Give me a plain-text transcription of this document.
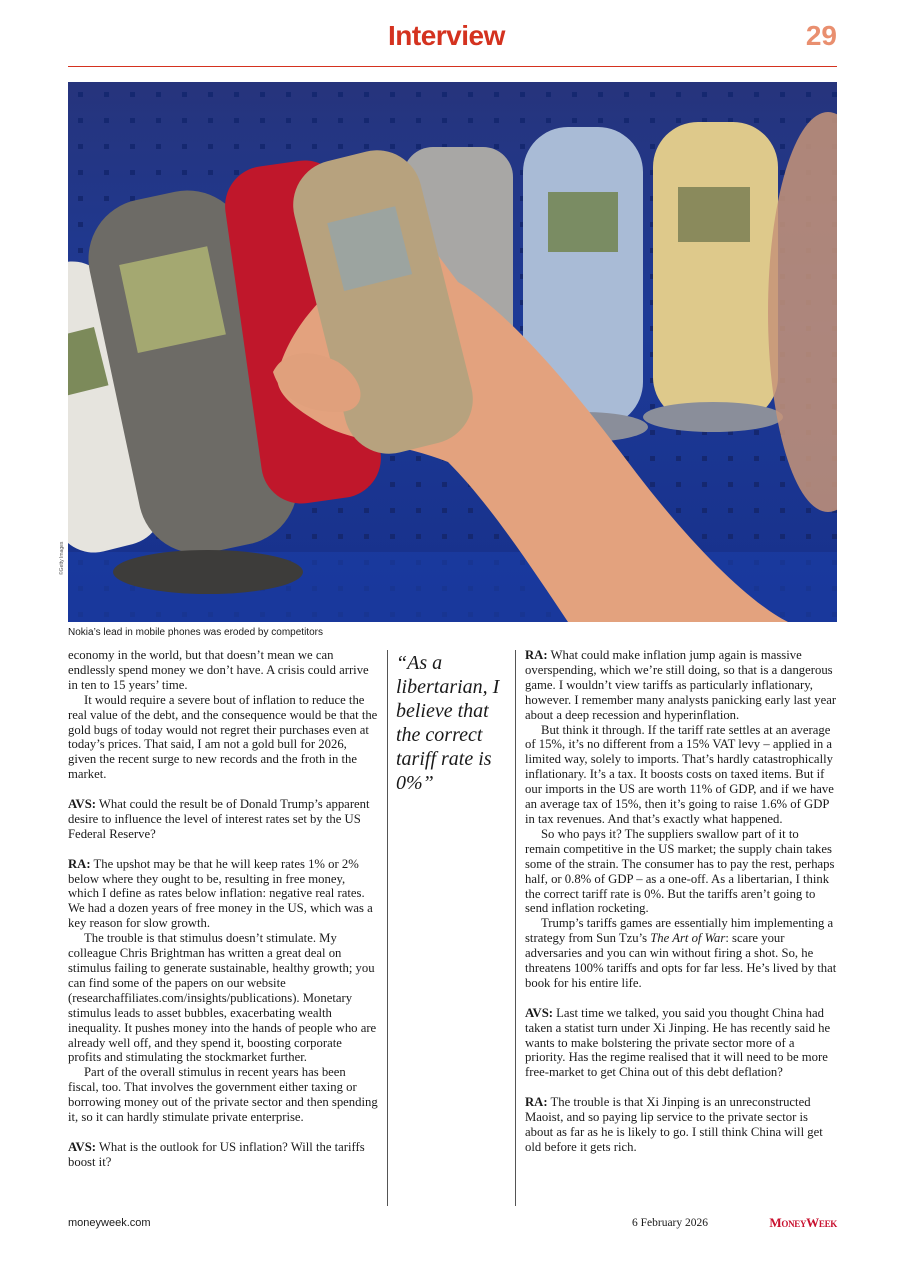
Interview	29
©Getty Images
Nokia’s lead in mobile phones was eroded by competitors

economy in the world, but that doesn’t mean we can endlessly spend money we don’t have. A crisis could arrive in ten to 15 years’ time.

It would require a severe bout of inflation to reduce the real value of the debt, and the consequence would be that the gold bugs of today would not regret their purchases even at today’s prices. That said, I am not a gold bull for 2026, given the recent surge to new records and the froth in the market.

AVS: What could the result be of Donald Trump’s apparent desire to influence the level of interest rates set by the US Federal Reserve?

RA: The upshot may be that he will keep rates 1% or 2% below where they ought to be, resulting in free money, which I define as rates below inflation: negative real rates. We had a dozen years of free money in the US, which was a key reason for slow growth.

The trouble is that stimulus doesn’t stimulate. My colleague Chris Brightman has written a great deal on stimulus failing to generate sustainable, healthy growth; you can find some of the papers on our website (researchaffiliates.com/insights/publications). Monetary stimulus leads to asset bubbles, exacerbating wealth inequality. It pushes money into the hands of people who are already well off, and they spend it, boosting corporate profits and stimulating the stockmarket further.

Part of the overall stimulus in recent years has been fiscal, too. That involves the government either taxing or borrowing money out of the private sector and then spending it, so it can hardly stimulate private enterprise.

AVS: What is the outlook for US inflation? Will the tariffs boost it?

“As a libertarian, I believe that the correct tariff rate is 0%”

RA: What could make inflation jump again is massive overspending, which we’re still doing, so that is a dangerous game. I wouldn’t view tariffs as particularly inflationary, however. I remember many analysts panicking early last year about a deep recession and hyperinflation.

But think it through. If the tariff rate settles at an average of 15%, it’s no different from a 15% VAT levy – applied in a limited way, solely to imports. That’s hardly catastrophically inflationary. It’s a tax. It boosts costs on taxed items. But if our imports in the US are worth 11% of GDP, and if we have an average tax of 15%, then it’s going to raise 1.6% of GDP in tax revenues. And that’s exactly what happened.

So who pays it? The suppliers swallow part of it to remain competitive in the US market; the supply chain takes some of the strain. The consumer has to pay the rest, perhaps half, or 0.8% of GDP – as a one-off. As a libertarian, I think the correct tariff rate is 0%. But the tariffs aren’t going to send inflation rocketing.

Trump’s tariffs games are essentially him implementing a strategy from Sun Tzu’s The Art of War: scare your adversaries and you can win without firing a shot. So, he threatens 100% tariffs and opts for far less. He’s lived by that book for his entire life.

AVS: Last time we talked, you said you thought China had taken a statist turn under Xi Jinping. He has recently said he wants to make bolstering the private sector more of a priority. Has the regime realised that it will need to be more free-market to get China out of this debt deflation?

RA: The trouble is that Xi Jinping is an unreconstructed Maoist, and so paying lip service to the private sector is about as far as he is likely to go. I still think China will get old before it gets rich.

moneyweek.com	6 February 2026	MoneyWeek
